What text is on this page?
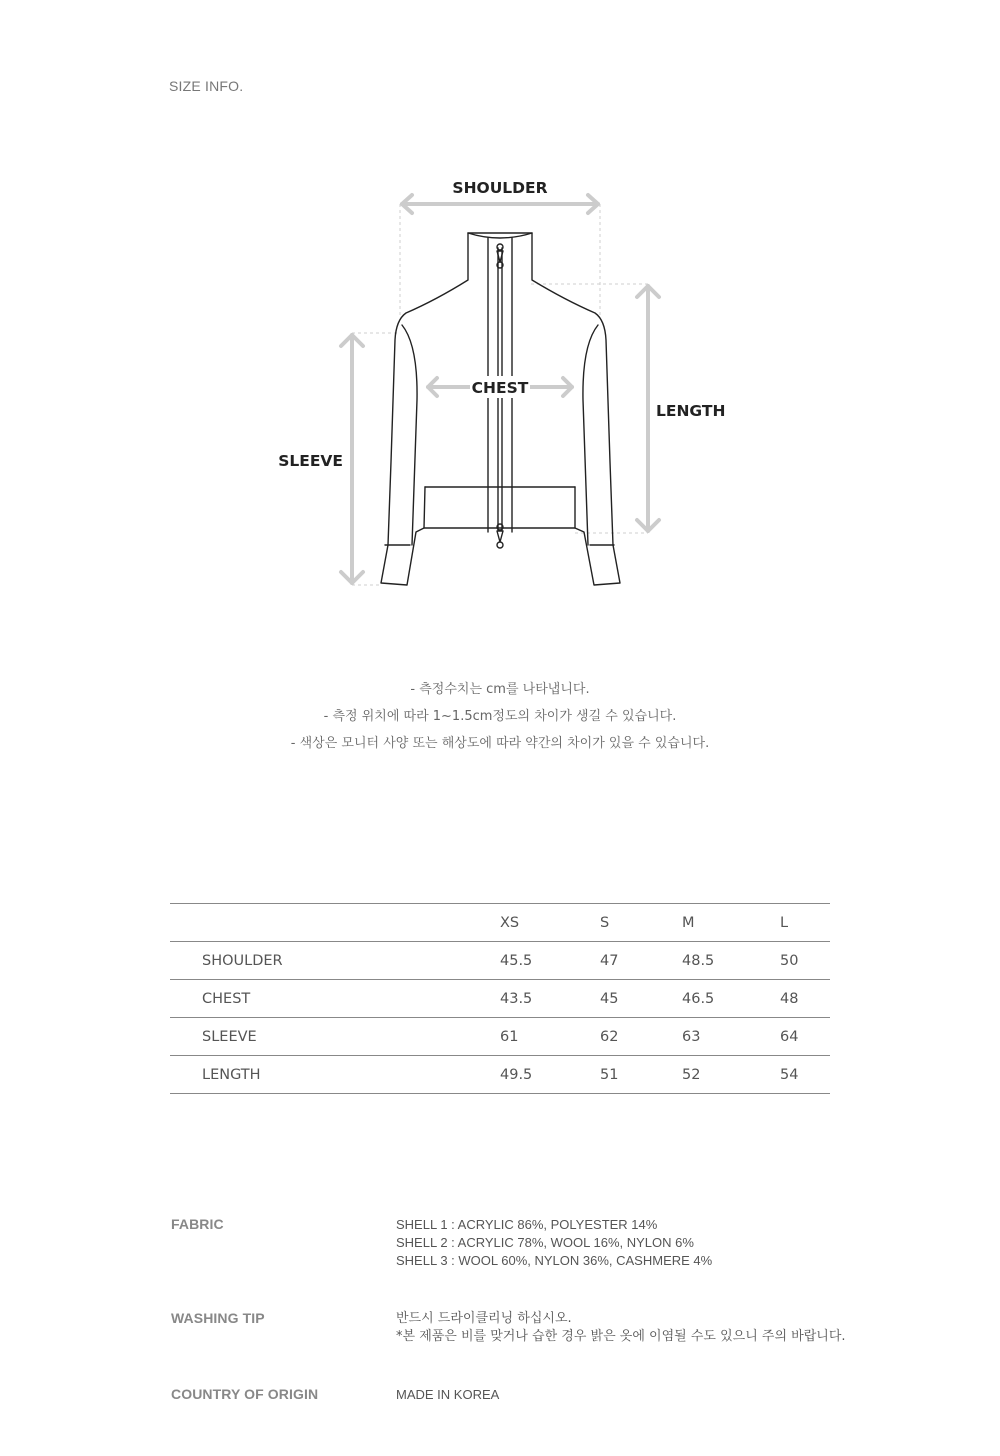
SIZE INFO.
SHOULDER
CHEST
LENGTH
SLEEVE
- 측정수치는 cm를 나타냅니다.
- 측정 위치에 따라 1~1.5cm정도의 차이가 생길 수 있습니다.
- 색상은 모니터 사양 또는 해상도에 따라 약간의 차이가 있을 수 있습니다.
	XS	S	M	L
SHOULDER	45.5	47	48.5	50
CHEST	43.5	45	46.5	48
SLEEVE	61	62	63	64
LENGTH	49.5	51	52	54
FABRIC	SHELL 1 : ACRYLIC 86%, POLYESTER 14%
SHELL 2 : ACRYLIC 78%, WOOL 16%, NYLON 6%
SHELL 3 : WOOL 60%, NYLON 36%, CASHMERE 4%
WASHING TIP	반드시 드라이클리닝 하십시오.
*본 제품은 비를 맞거나 습한 경우 밝은 옷에 이염될 수도 있으니 주의 바랍니다.
COUNTRY OF ORIGIN	MADE IN KOREA
